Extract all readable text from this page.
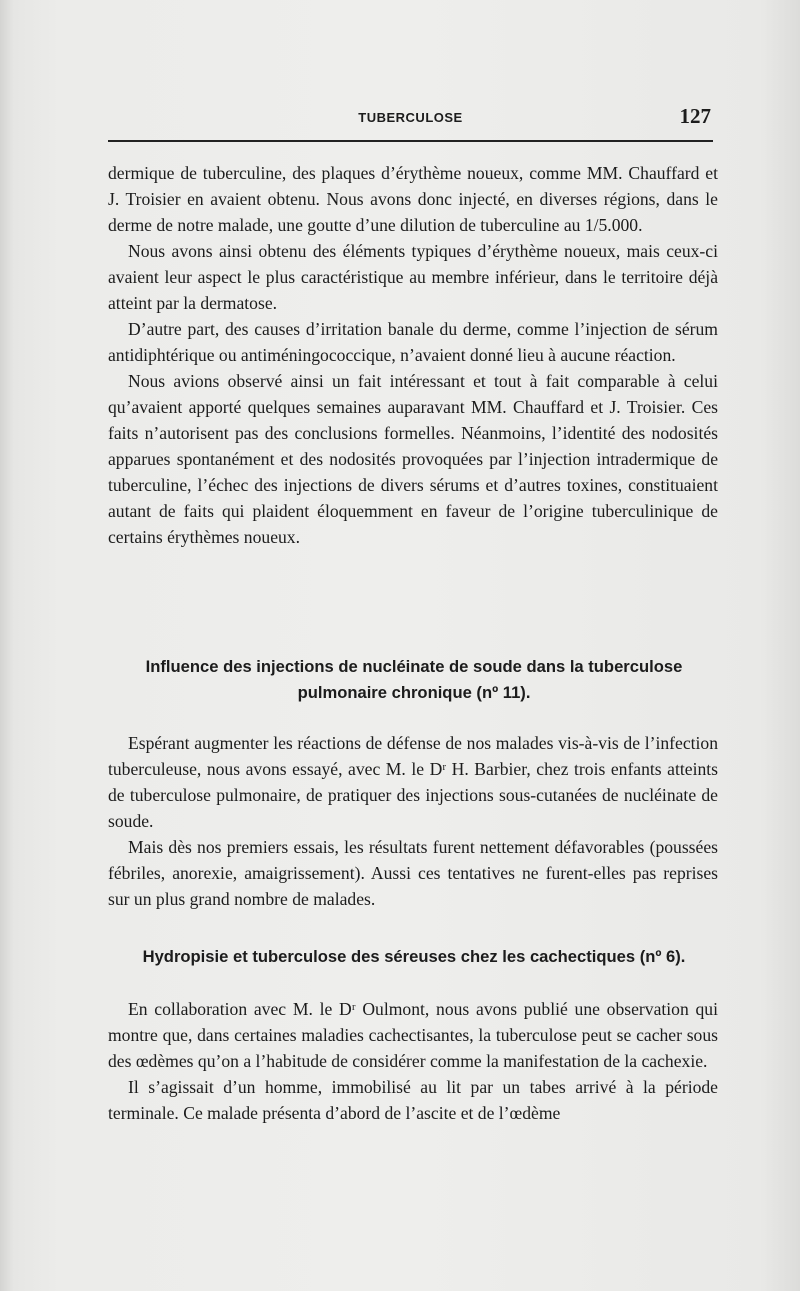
TUBERCULOSE	127

dermique de tuberculine, des plaques d’érythème noueux, comme MM. Chauffard et J. Troisier en avaient obtenu. Nous avons donc injecté, en diverses régions, dans le derme de notre malade, une goutte d’une dilution de tuberculine au 1/5.000.

Nous avons ainsi obtenu des éléments typiques d’érythème noueux, mais ceux-ci avaient leur aspect le plus caractéristique au membre inférieur, dans le territoire déjà atteint par la dermatose.

D’autre part, des causes d’irritation banale du derme, comme l’injection de sérum antidiphtérique ou antiméningococcique, n’avaient donné lieu à aucune réaction.

Nous avions observé ainsi un fait intéressant et tout à fait comparable à celui qu’avaient apporté quelques semaines auparavant MM. Chauffard et J. Troisier. Ces faits n’autorisent pas des conclusions formelles. Néanmoins, l’identité des nodosités apparues spontanément et des nodosités provoquées par l’injection intradermique de tuberculine, l’échec des injections de divers sérums et d’autres toxines, constituaient autant de faits qui plaident éloquemment en faveur de l’origine tuberculinique de certains érythèmes noueux.

Influence des injections de nucléinate de soude dans la tuberculose
pulmonaire chronique (nº 11).

Espérant augmenter les réactions de défense de nos malades vis-à-vis de l’infection tuberculeuse, nous avons essayé, avec M. le Dʳ H. Barbier, chez trois enfants atteints de tuberculose pulmonaire, de pratiquer des injections sous-cutanées de nucléinate de soude.

Mais dès nos premiers essais, les résultats furent nettement défavorables (poussées fébriles, anorexie, amaigrissement). Aussi ces tentatives ne furent-elles pas reprises sur un plus grand nombre de malades.

Hydropisie et tuberculose des séreuses chez les cachectiques (nº 6).

En collaboration avec M. le Dʳ Oulmont, nous avons publié une observation qui montre que, dans certaines maladies cachectisantes, la tuberculose peut se cacher sous des œdèmes qu’on a l’habitude de considérer comme la manifestation de la cachexie.

Il s’agissait d’un homme, immobilisé au lit par un tabes arrivé à la période terminale. Ce malade présenta d’abord de l’ascite et de l’œdème
